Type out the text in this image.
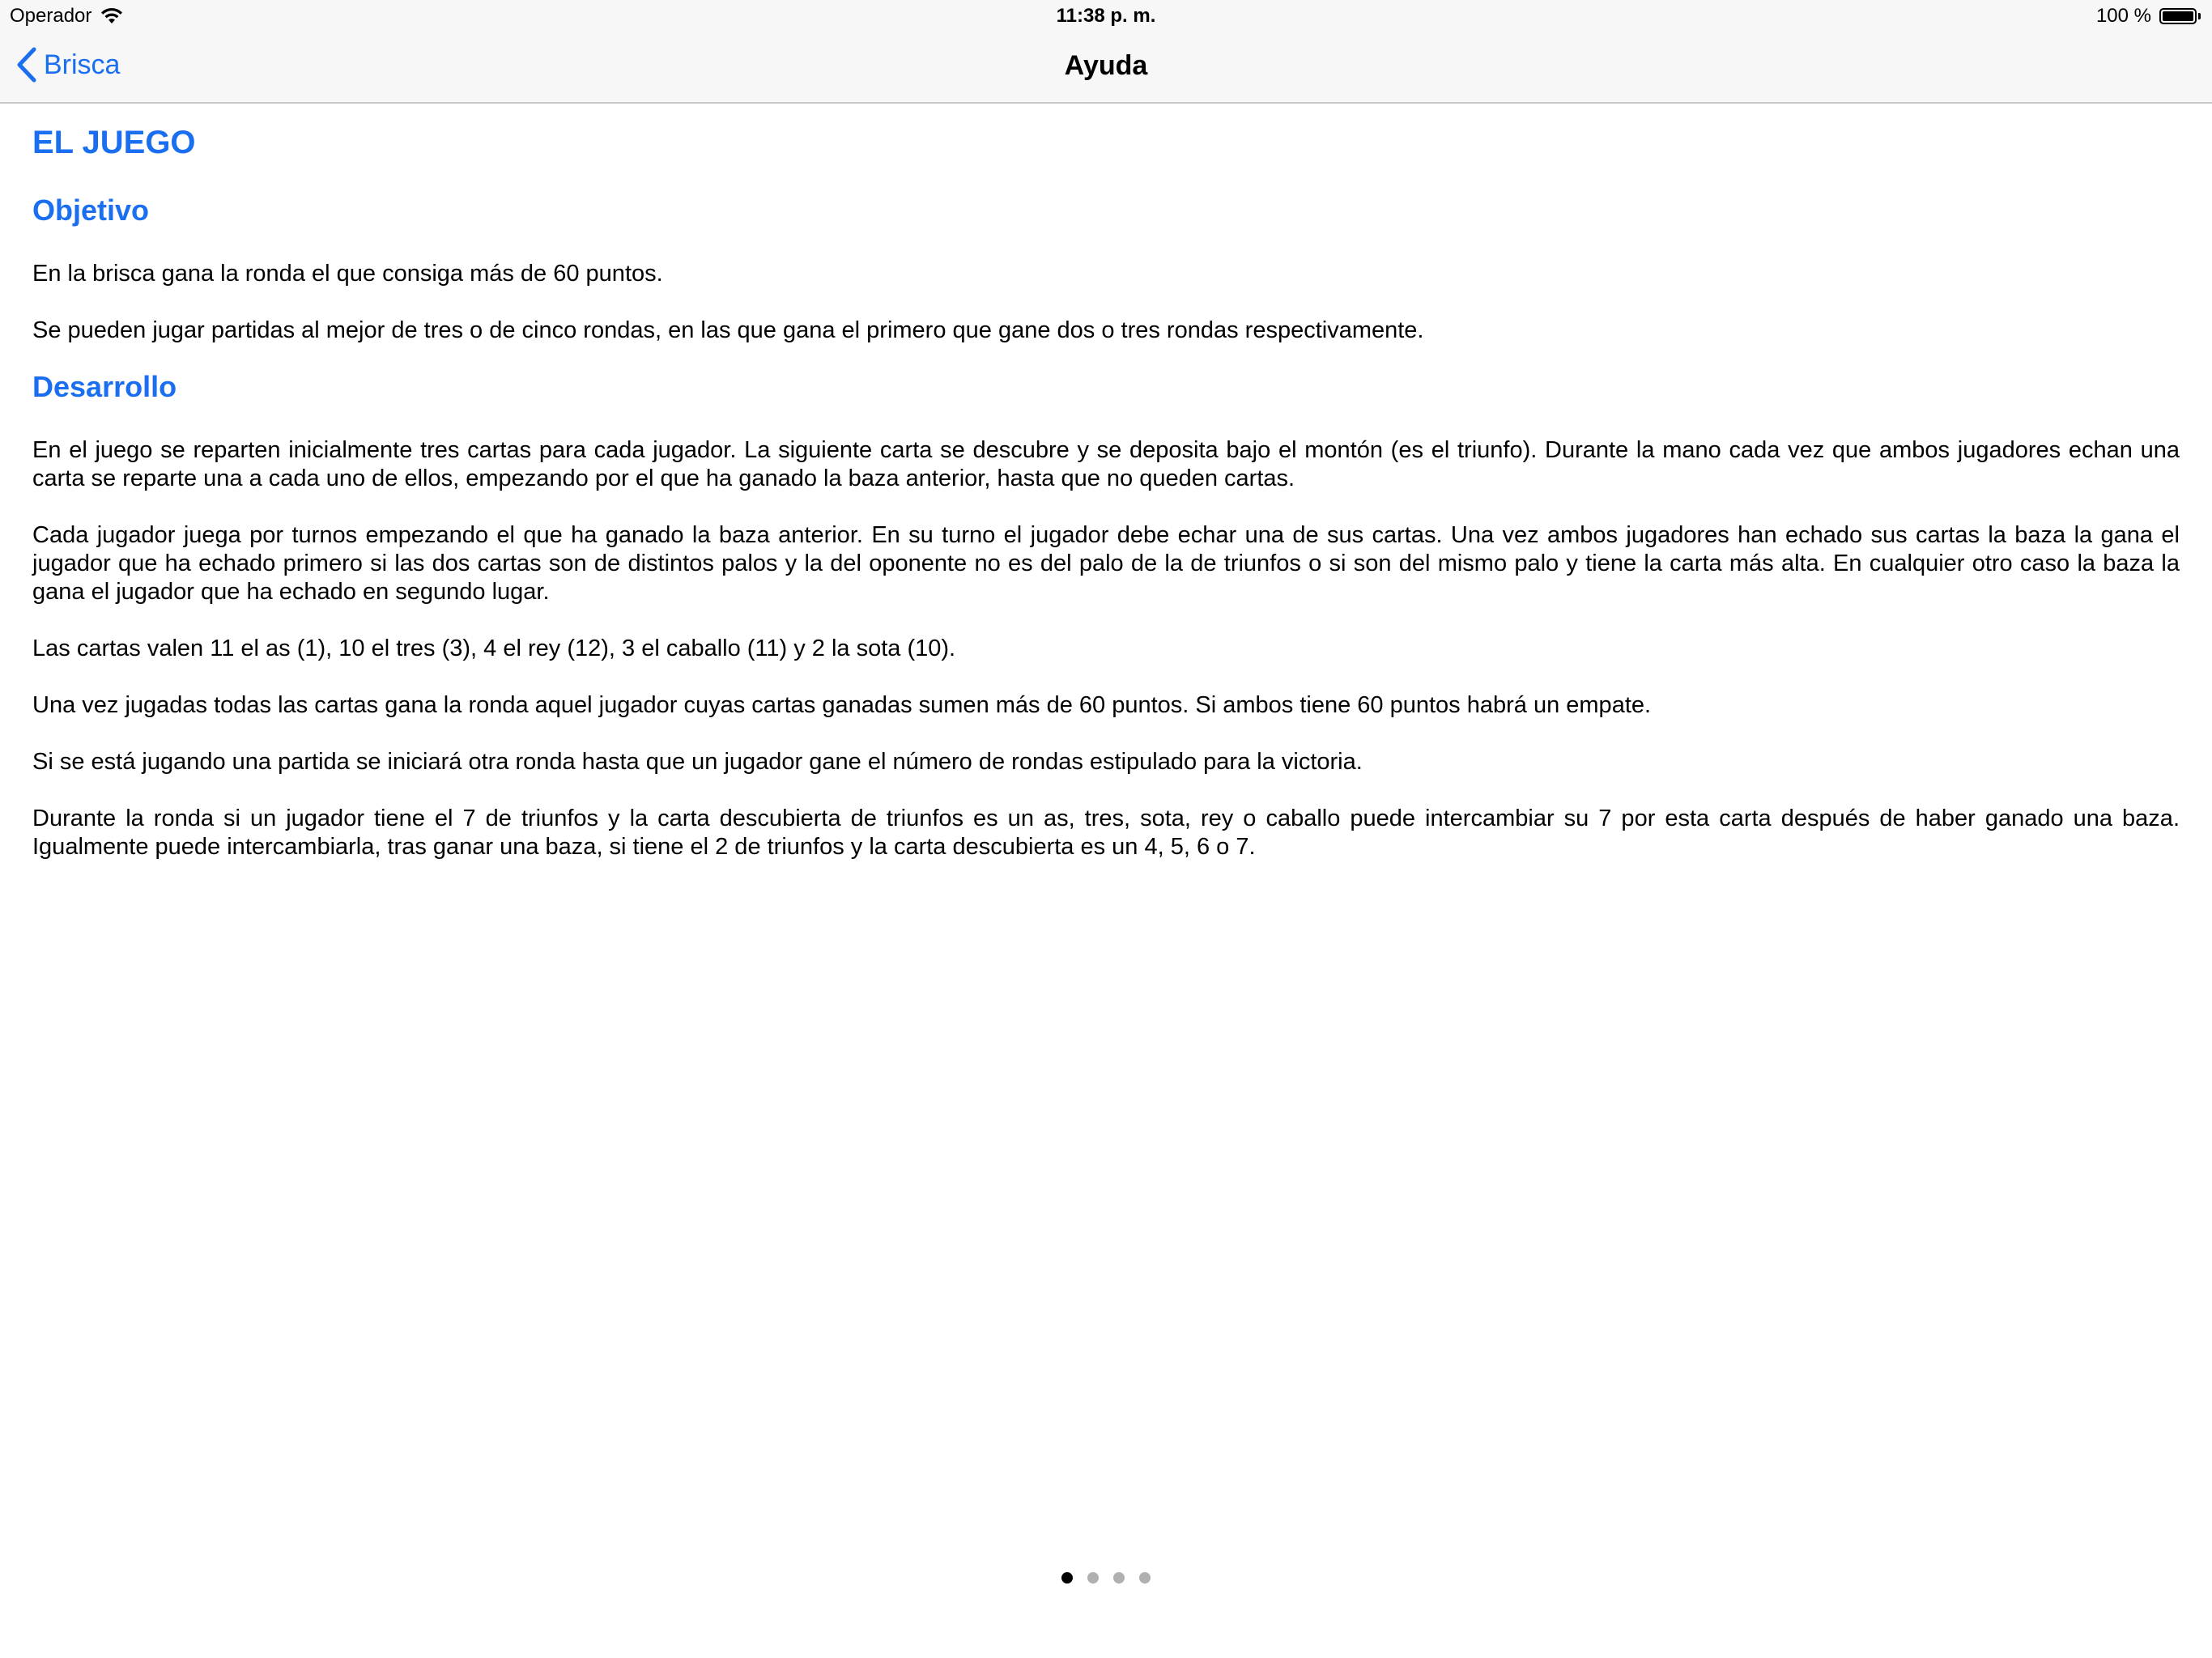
Operador	11:38 p. m.	100 %
Brisca	Ayuda
EL JUEGO
Objetivo

En la brisca gana la ronda el que consiga más de 60 puntos.

Se pueden jugar partidas al mejor de tres o de cinco rondas, en las que gana el primero que gane dos o tres rondas respectivamente.

Desarrollo

En el juego se reparten inicialmente tres cartas para cada jugador. La siguiente carta se descubre y se deposita bajo el montón (es el triunfo). Durante la mano cada vez que ambos jugadores echan una carta se reparte una a cada uno de ellos, empezando por el que ha ganado la baza anterior, hasta que no queden cartas.

Cada jugador juega por turnos empezando el que ha ganado la baza anterior. En su turno el jugador debe echar una de sus cartas. Una vez ambos jugadores han echado sus cartas la baza la gana el jugador que ha echado primero si las dos cartas son de distintos palos y la del oponente no es del palo de la de triunfos o si son del mismo palo y tiene la carta más alta. En cualquier otro caso la baza la gana el jugador que ha echado en segundo lugar.

Las cartas valen 11 el as (1), 10 el tres (3), 4 el rey (12), 3 el caballo (11) y 2 la sota (10).

Una vez jugadas todas las cartas gana la ronda aquel jugador cuyas cartas ganadas sumen más de 60 puntos. Si ambos tiene 60 puntos habrá un empate.

Si se está jugando una partida se iniciará otra ronda hasta que un jugador gane el número de rondas estipulado para la victoria.

Durante la ronda si un jugador tiene el 7 de triunfos y la carta descubierta de triunfos es un as, tres, sota, rey o caballo puede intercambiar su 7 por esta carta después de haber ganado una baza. Igualmente puede intercambiarla, tras ganar una baza, si tiene el 2 de triunfos y la carta descubierta es un 4, 5, 6 o 7.
